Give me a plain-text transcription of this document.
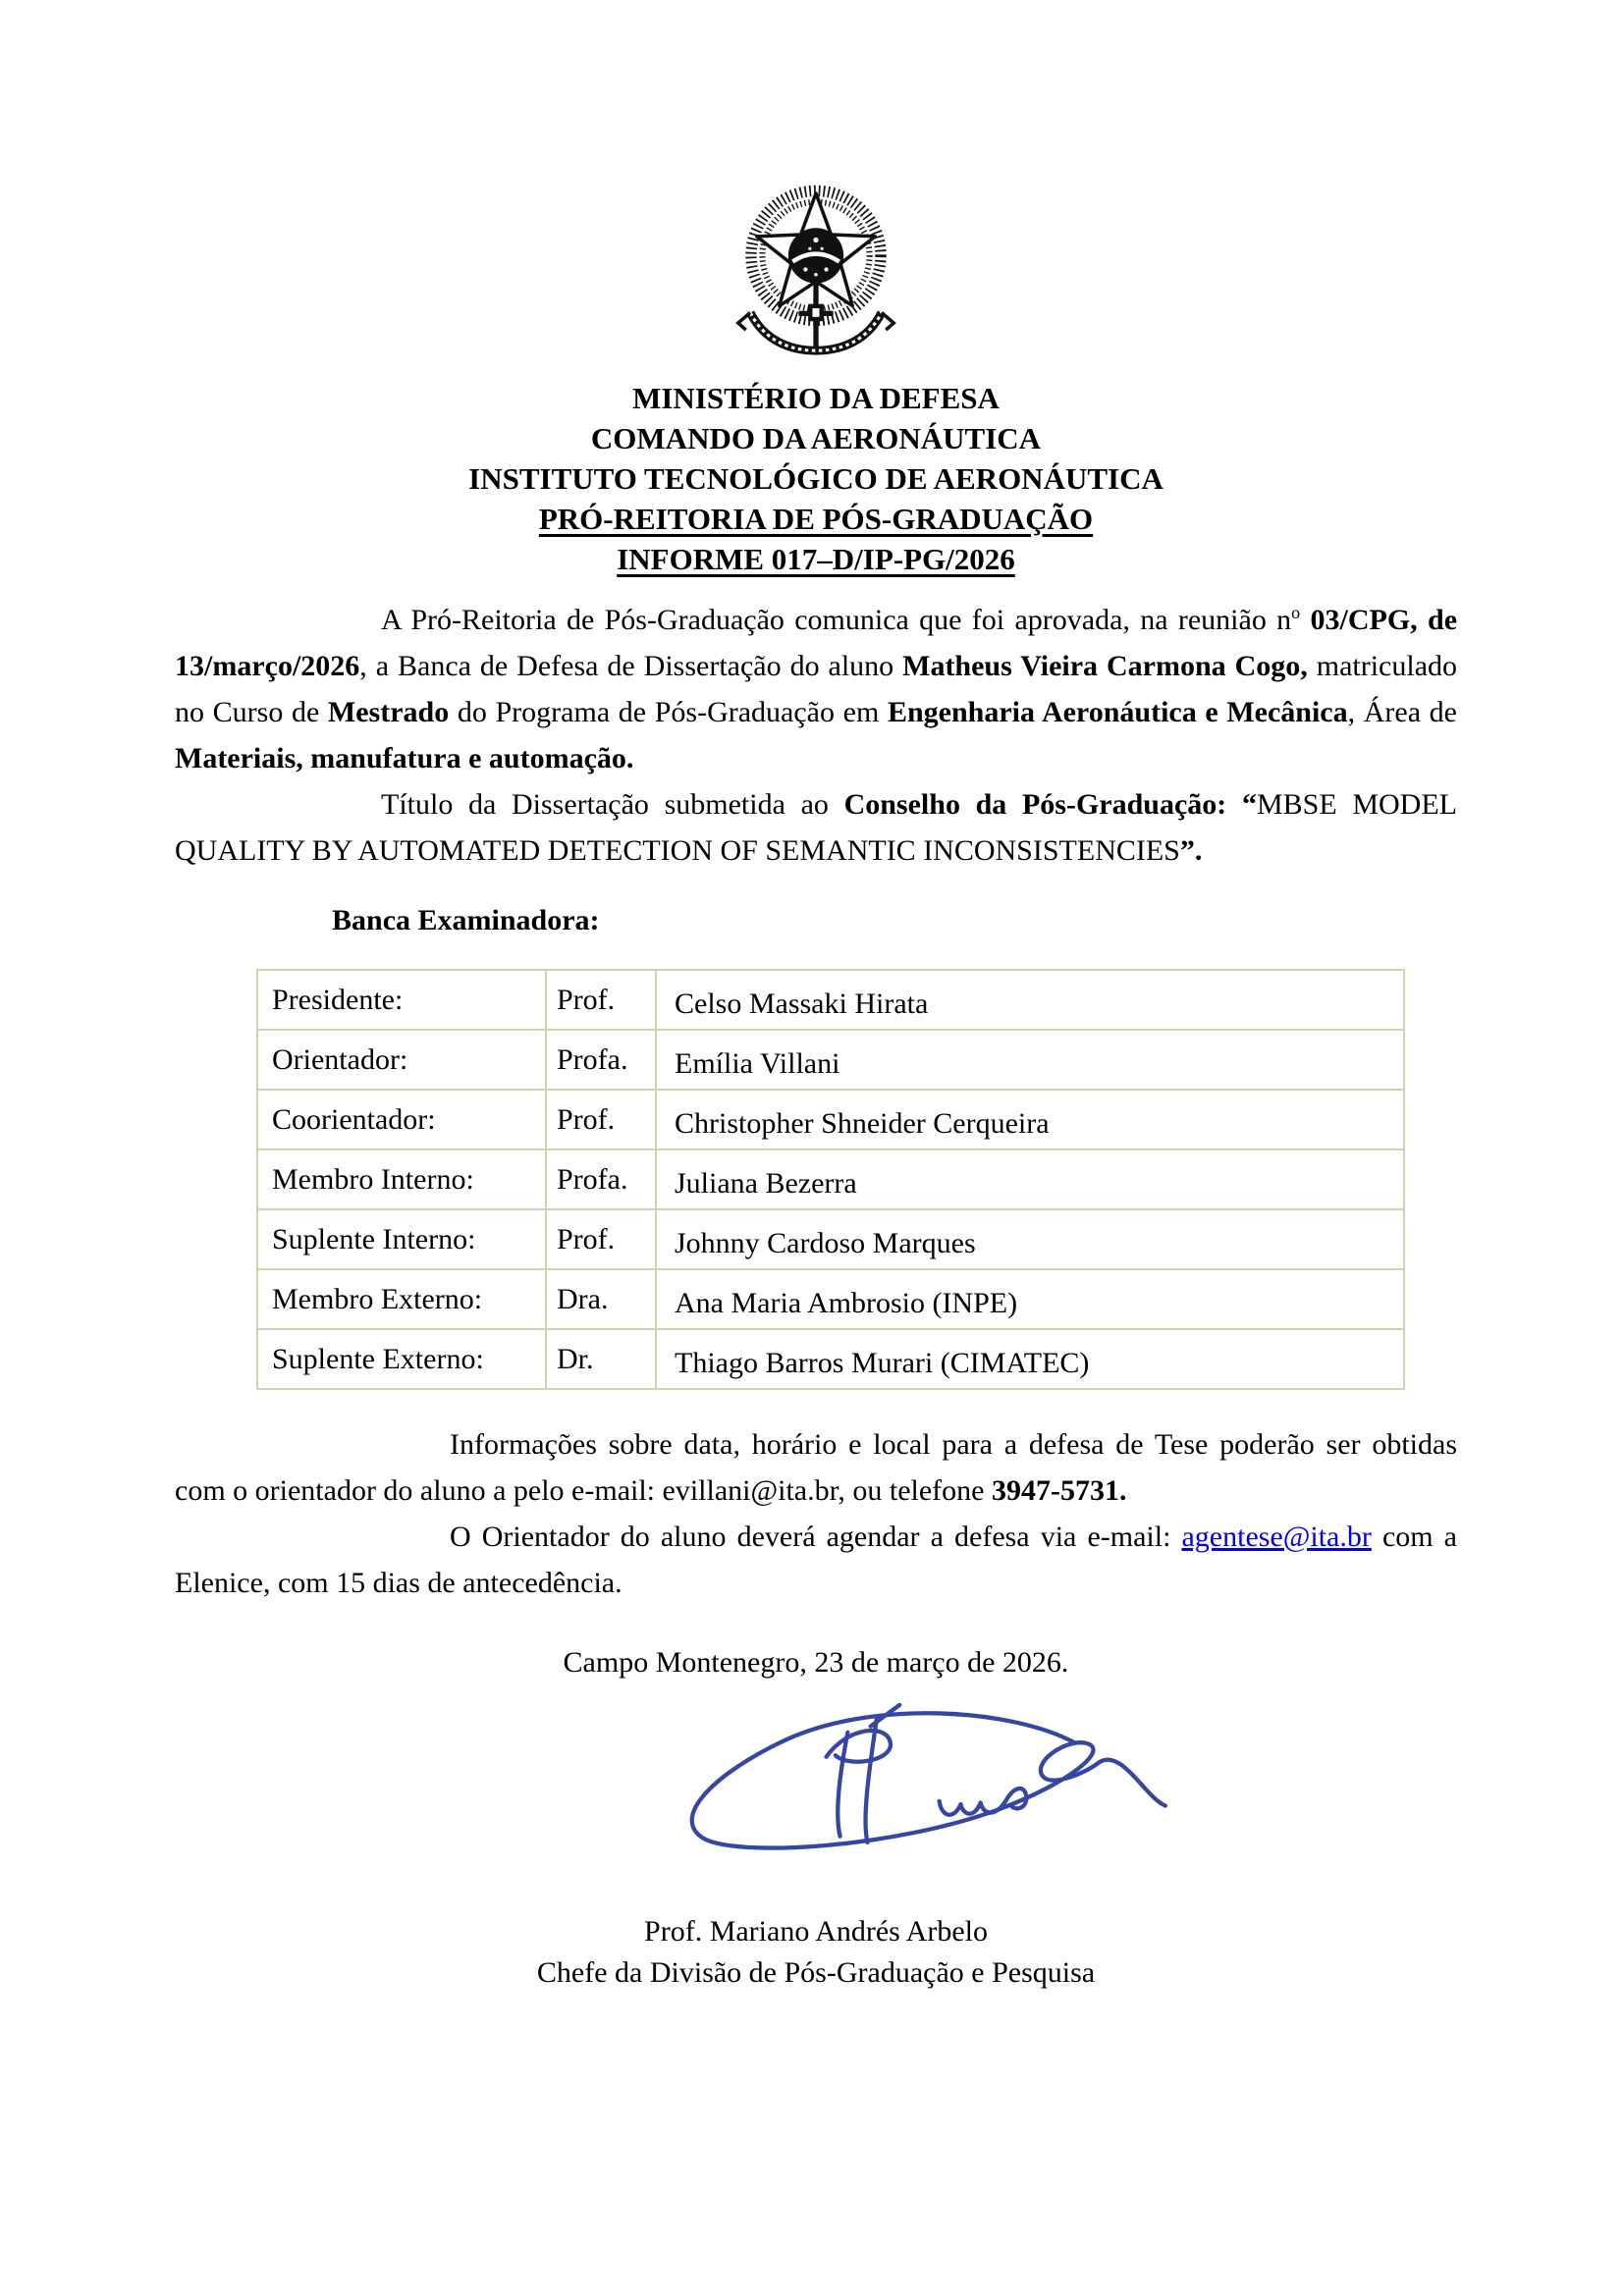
MINISTÉRIO DA DEFESA
COMANDO DA AERONÁUTICA
INSTITUTO TECNOLÓGICO DE AERONÁUTICA
PRÓ-REITORIA DE PÓS-GRADUAÇÃO
INFORME 017–D/IP-PG/2026

A Pró-Reitoria de Pós-Graduação comunica que foi aprovada, na reunião $n^o$ 03/CPG, de 13/março/2026, a Banca de Defesa de Dissertação do aluno Matheus Vieira Carmona Cogo, matriculado no Curso de Mestrado do Programa de Pós-Graduação em Engenharia Aeronáutica e Mecânica, Área de Materiais, manufatura e automação.

Título da Dissertação submetida ao Conselho da Pós-Graduação: “MBSE MODEL QUALITY BY AUTOMATED DETECTION OF SEMANTIC INCONSISTENCIES”.

Banca Examinadora:
Presidente:	Prof.	Celso Massaki Hirata
Orientador:	Profa.	Emília Villani
Coorientador:	Prof.	Christopher Shneider Cerqueira
Membro Interno:	Profa.	Juliana Bezerra
Suplente Interno:	Prof.	Johnny Cardoso Marques
Membro Externo:	Dra.	Ana Maria Ambrosio (INPE)
Suplente Externo:	Dr.	Thiago Barros Murari (CIMATEC)

Informações sobre data, horário e local para a defesa de Tese poderão ser obtidas com o orientador do aluno a pelo e-mail: evillani@ita.br, ou telefone 3947-5731.

O Orientador do aluno deverá agendar a defesa via e-mail: agentese@ita.br com a Elenice, com 15 dias de antecedência.

Campo Montenegro, 23 de março de 2026.
Prof. Mariano Andrés Arbelo
Chefe da Divisão de Pós-Graduação e Pesquisa
